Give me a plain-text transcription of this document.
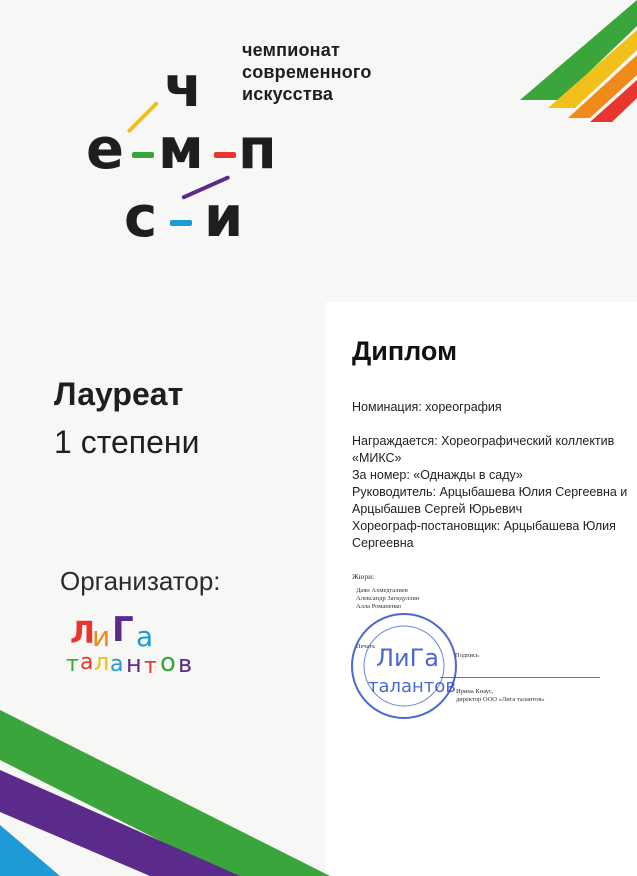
ч
е м п
с и
чемпионат
современного
искусства
Лауреат
1 степени
Организатор:
Л
и Г а
т а л а н т о в
Диплом
Номинация: хореография
Награждается: Хореографический коллектив
«МИКС»
За номер: «Однажды в саду»
Руководитель: Арцыбашева Юлия Сергеевна и
Арцыбашев Сергей Юрьевич
Хореограф-постановщик: Арцыбашева Юлия
Сергеевна
Жюри:
Даян Ахмедгалиев
Александр Загидуллин
Алла Романенко
Печать
Подпись
Ирина Кнаус,
директор ООО «Лига талантов»
ЛиГа
талантов
